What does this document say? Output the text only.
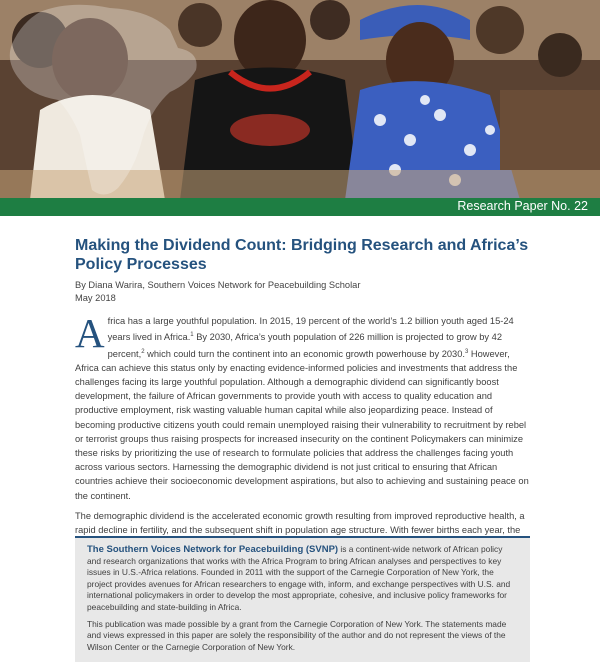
Research Paper No. 22
Making the Dividend Count: Bridging Research and Africa’s Policy Processes
By Diana Warira, Southern Voices Network for Peacebuilding Scholar
May 2018

Africa has a large youthful population. In 2015, 19 percent of the world’s 1.2 billion youth aged 15-24 years lived in Africa.$^1$ By 2030, Africa’s youth population of 226 million is projected to grow by 42 percent,$^2$ which could turn the continent into an economic growth powerhouse by 2030.$^3$ However, Africa can achieve this status only by enacting evidence-informed policies and investments that address the challenges facing its large youthful population. Although a demographic dividend can significantly boost development, the failure of African governments to provide youth with access to quality education and productive employment, risk wasting valuable human capital while also jeopardizing peace. Instead of becoming productive citizens youth could remain unemployed raising their vulnerability to recruitment by rebel or terrorist groups thus raising prospects for increased insecurity on the continent Policymakers can minimize these risks by prioritizing the use of research to formulate policies that address the challenges facing youth across various sectors. Harnessing the demographic dividend is not just critical to ensuring that African countries achieve their socioeconomic development aspirations, but also to achieving and sustaining peace on the continent.

The demographic dividend is the accelerated economic growth resulting from improved reproductive health, a rapid decline in fertility, and the subsequent shift in population age structure. With fewer births each year, the

The Southern Voices Network for Peacebuilding (SVNP) is a continent-wide network of African policy and research organizations that works with the Africa Program to bring African analyses and perspectives to key issues in U.S.-Africa relations. Founded in 2011 with the support of the Carnegie Corporation of New York, the project provides avenues for African researchers to engage with, inform, and exchange perspectives with U.S. and international policymakers in order to develop the most appropriate, cohesive, and inclusive policy frameworks for peacebuilding and state-building in Africa.

This publication was made possible by a grant from the Carnegie Corporation of New York. The statements made and views expressed in this paper are solely the responsibility of the author and do not represent the views of the Wilson Center or the Carnegie Corporation of New York.
